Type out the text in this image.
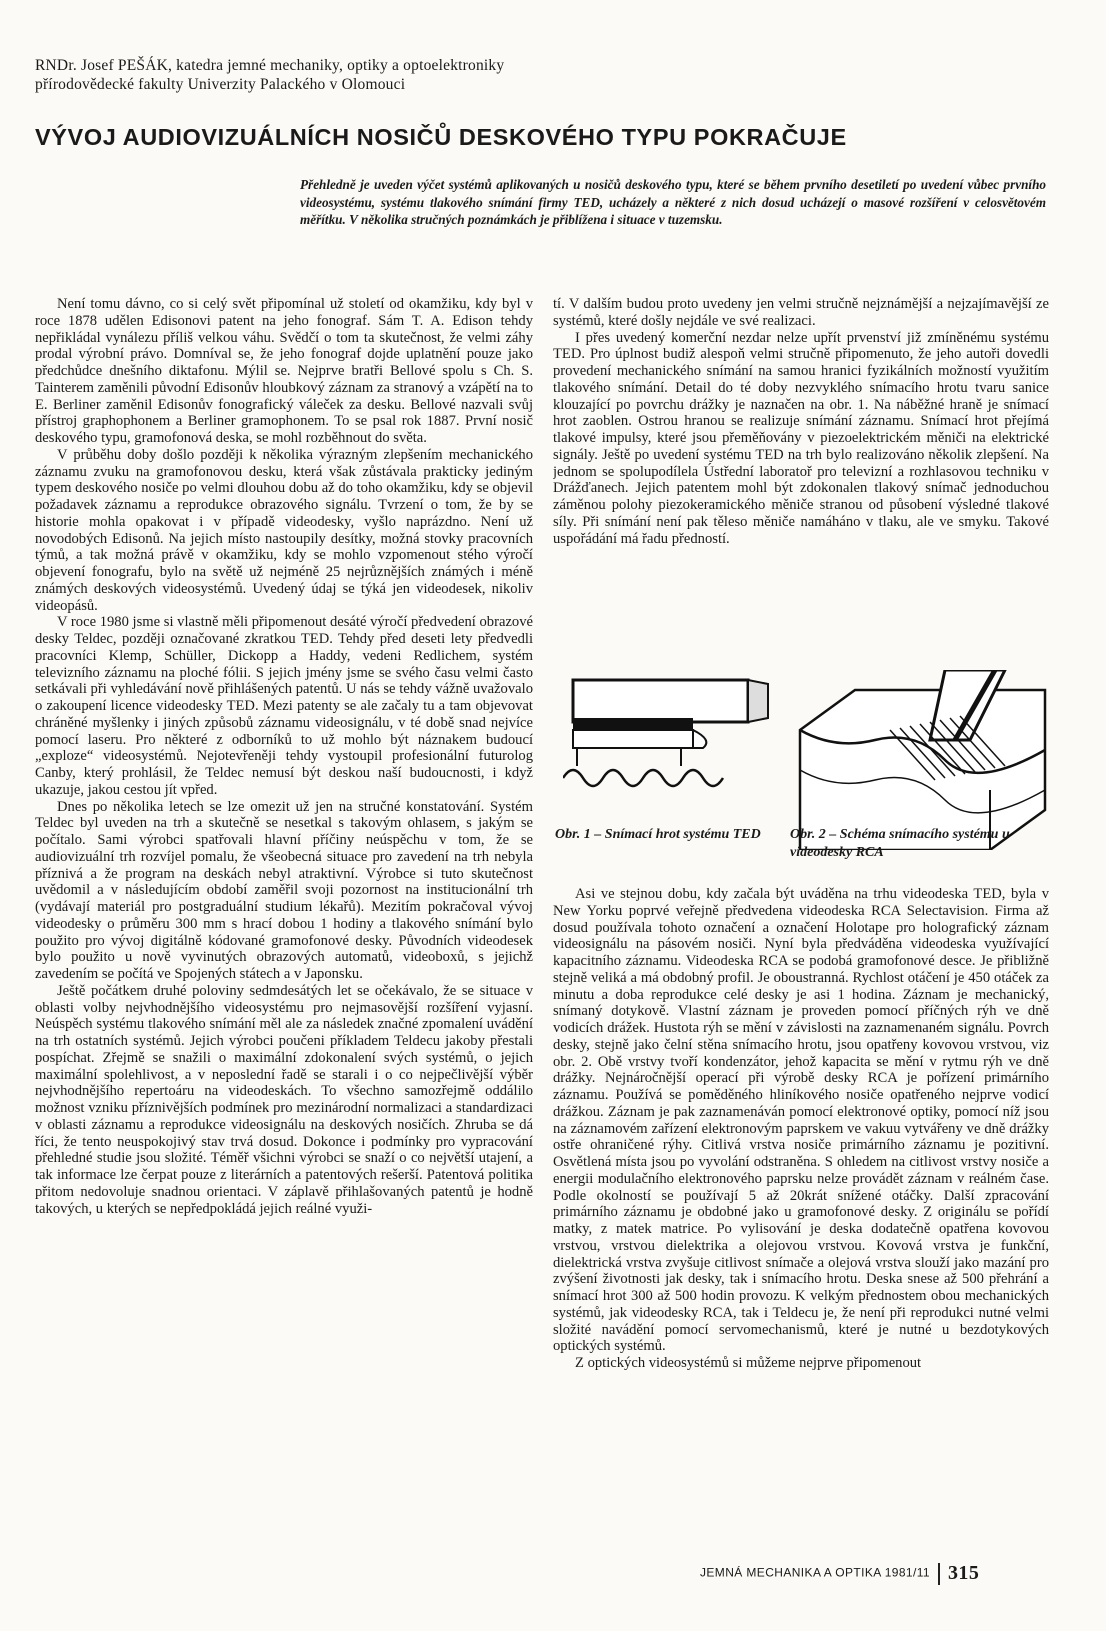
RNDr. Josef PEŠÁK, katedra jemné mechaniky, optiky a optoelektroniky
přírodovědecké fakulty Univerzity Palackého v Olomouci
VÝVOJ AUDIOVIZUÁLNÍCH NOSIČŮ DESKOVÉHO TYPU POKRAČUJE
Přehledně je uveden výčet systémů aplikovaných u nosičů deskového typu, které se během prvního desetiletí po uvedení vůbec prvního videosystému, systému tlakového snímání firmy TED, ucházely a některé z nich dosud ucházejí o masové rozšíření v celosvětovém měřítku. V několika stručných poznámkách je přiblížena i situace v tuzemsku.

Není tomu dávno, co si celý svět připomínal už století od okamžiku, kdy byl v roce 1878 udělen Edisonovi patent na jeho fonograf. Sám T. A. Edison tehdy nepřikládal vynálezu příliš velkou váhu. Svědčí o tom ta skutečnost, že velmi záhy prodal výrobní právo. Domníval se, že jeho fonograf dojde uplatnění pouze jako předchůdce dnešního diktafonu. Mýlil se. Nejprve bratři Bellové spolu s Ch. S. Tainterem zaměnili původní Edisonův hloubkový záznam za stranový a vzápětí na to E. Berliner zaměnil Edisonův fonografický váleček za desku. Bellové nazvali svůj přístroj graphophonem a Berliner gramophonem. To se psal rok 1887. První nosič deskového typu, gramofonová deska, se mohl rozběhnout do světa.

V průběhu doby došlo později k několika výrazným zlepšením mechanického záznamu zvuku na gramofonovou desku, která však zůstávala prakticky jediným typem deskového nosiče po velmi dlouhou dobu až do toho okamžiku, kdy se objevil požadavek záznamu a reprodukce obrazového signálu. Tvrzení o tom, že by se historie mohla opakovat i v případě videodesky, vyšlo naprázdno. Není už novodobých Edisonů. Na jejich místo nastoupily desítky, možná stovky pracovních týmů, a tak možná právě v okamžiku, kdy se mohlo vzpomenout stého výročí objevení fonografu, bylo na světě už nejméně 25 nejrůznějších známých i méně známých deskových videosystémů. Uvedený údaj se týká jen videodesek, nikoliv videopásů.

V roce 1980 jsme si vlastně měli připomenout desáté výročí předvedení obrazové desky Teldec, později označované zkratkou TED. Tehdy před deseti lety předvedli pracovníci Klemp, Schüller, Dickopp a Haddy, vedeni Redlichem, systém televizního záznamu na ploché fólii. S jejich jmény jsme se svého času velmi často setkávali při vyhledávání nově přihlášených patentů. U nás se tehdy vážně uvažovalo o zakoupení licence videodesky TED. Mezi patenty se ale začaly tu a tam objevovat chráněné myšlenky i jiných způsobů záznamu videosignálu, v té době snad nejvíce pomocí laseru. Pro některé z odborníků to už mohlo být náznakem budoucí „exploze“ videosystémů. Nejotevřeněji tehdy vystoupil profesionální futurolog Canby, který prohlásil, že Teldec nemusí být deskou naší budoucnosti, i když ukazuje, jakou cestou jít vpřed.

Dnes po několika letech se lze omezit už jen na stručné konstatování. Systém Teldec byl uveden na trh a skutečně se nesetkal s takovým ohlasem, s jakým se počítalo. Sami výrobci spatřovali hlavní příčiny neúspěchu v tom, že se audiovizuální trh rozvíjel pomalu, že všeobecná situace pro zavedení na trh nebyla příznivá a že program na deskách nebyl atraktivní. Výrobce si tuto skutečnost uvědomil a v následujícím období zaměřil svoji pozornost na institucionální trh (vydávají materiál pro postgraduální studium lékařů). Mezitím pokračoval vývoj videodesky o průměru 300 mm s hrací dobou 1 hodiny a tlakového snímání bylo použito pro vývoj digitálně kódované gramofonové desky. Původních videodesek bylo použito u nově vyvinutých obrazových automatů, videoboxů, s jejichž zavedením se počítá ve Spojených státech a v Japonsku.

Ještě počátkem druhé poloviny sedmdesátých let se očekávalo, že se situace v oblasti volby nejvhodnějšího videosystému pro nejmasovější rozšíření vyjasní. Neúspěch systému tlakového snímání měl ale za následek značné zpomalení uvádění na trh ostatních systémů. Jejich výrobci poučeni příkladem Teldecu jakoby přestali pospíchat. Zřejmě se snažili o maximální zdokonalení svých systémů, o jejich maximální spolehlivost, a v neposlední řadě se starali i o co nejpečlivější výběr nejvhodnějšího repertoáru na videodeskách. To všechno samozřejmě oddálilo možnost vzniku příznivějších podmínek pro mezinárodní normalizaci a standardizaci v oblasti záznamu a reprodukce videosignálu na deskových nosičích. Zhruba se dá říci, že tento neuspokojivý stav trvá dosud. Dokonce i podmínky pro vypracování přehledné studie jsou složité. Téměř všichni výrobci se snaží o co největší utajení, a tak informace lze čerpat pouze z literárních a patentových rešerší. Patentová politika přitom nedovoluje snadnou orientaci. V záplavě přihlašovaných patentů je hodně takových, u kterých se nepředpokládá jejich reálné využi-

tí. V dalším budou proto uvedeny jen velmi stručně nejznámější a nejzajímavější ze systémů, které došly nejdále ve své realizaci.

I přes uvedený komerční nezdar nelze upřít prvenství již zmíněnému systému TED. Pro úplnost budiž alespoň velmi stručně připomenuto, že jeho autoři dovedli provedení mechanického snímání na samou hranici fyzikálních možností využitím tlakového snímání. Detail do té doby nezvyklého snímacího hrotu tvaru sanice klouzající po povrchu drážky je naznačen na obr. 1. Na náběžné hraně je snímací hrot zaoblen. Ostrou hranou se realizuje snímání záznamu. Snímací hrot přejímá tlakové impulsy, které jsou přeměňovány v piezoelektrickém měniči na elektrické signály. Ještě po uvedení systému TED na trh bylo realizováno několik zlepšení. Na jednom se spolupodílela Ústřední laboratoř pro televizní a rozhlasovou techniku v Drážďanech. Jejich patentem mohl být zdokonalen tlakový snímač jednoduchou záměnou polohy piezokeramického měniče stranou od působení výsledné tlakové síly. Při snímání není pak těleso měniče namáháno v tlaku, ale ve smyku. Takové uspořádání má řadu předností.

Obr. 1 – Snímací hrot systému TED	Obr. 2 – Schéma snímacího systému u videodesky RCA

Asi ve stejnou dobu, kdy začala být uváděna na trhu videodeska TED, byla v New Yorku poprvé veřejně předvedena videodeska RCA Selectavision. Firma až dosud používala tohoto označení a označení Holotape pro holografický záznam videosignálu na pásovém nosiči. Nyní byla předváděna videodeska využívající kapacitního záznamu. Videodeska RCA se podobá gramofonové desce. Je přibližně stejně veliká a má obdobný profil. Je oboustranná. Rychlost otáčení je 450 otáček za minutu a doba reprodukce celé desky je asi 1 hodina. Záznam je mechanický, snímaný dotykově. Vlastní záznam je proveden pomocí příčných rýh ve dně vodicích drážek. Hustota rýh se mění v závislosti na zaznamenaném signálu. Povrch desky, stejně jako čelní stěna snímacího hrotu, jsou opatřeny kovovou vrstvou, viz obr. 2. Obě vrstvy tvoří kondenzátor, jehož kapacita se mění v rytmu rýh ve dně drážky. Nejnáročnější operací při výrobě desky RCA je pořízení primárního záznamu. Používá se poměděného hliníkového nosiče opatřeného nejprve vodicí drážkou. Záznam je pak zaznamenáván pomocí elektronové optiky, pomocí níž jsou na záznamovém zařízení elektronovým paprskem ve vakuu vytvářeny ve dně drážky ostře ohraničené rýhy. Citlivá vrstva nosiče primárního záznamu je pozitivní. Osvětlená místa jsou po vyvolání odstraněna. S ohledem na citlivost vrstvy nosiče a energii modulačního elektronového paprsku nelze provádět záznam v reálném čase. Podle okolností se používají 5 až 20krát snížené otáčky. Další zpracování primárního záznamu je obdobné jako u gramofonové desky. Z originálu se pořídí matky, z matek matrice. Po vylisování je deska dodatečně opatřena kovovou vrstvou, vrstvou dielektrika a olejovou vrstvou. Kovová vrstva je funkční, dielektrická vrstva zvyšuje citlivost snímače a olejová vrstva slouží jako mazání pro zvýšení životnosti jak desky, tak i snímacího hrotu. Deska snese až 500 přehrání a snímací hrot 300 až 500 hodin provozu. K velkým přednostem obou mechanických systémů, jak videodesky RCA, tak i Teldecu je, že není při reprodukci nutné velmi složité navádění pomocí servomechanismů, které je nutné u bezdotykových optických systémů.

Z optických videosystémů si můžeme nejprve připomenout

JEMNÁ MECHANIKA A OPTIKA 1981/11 315
